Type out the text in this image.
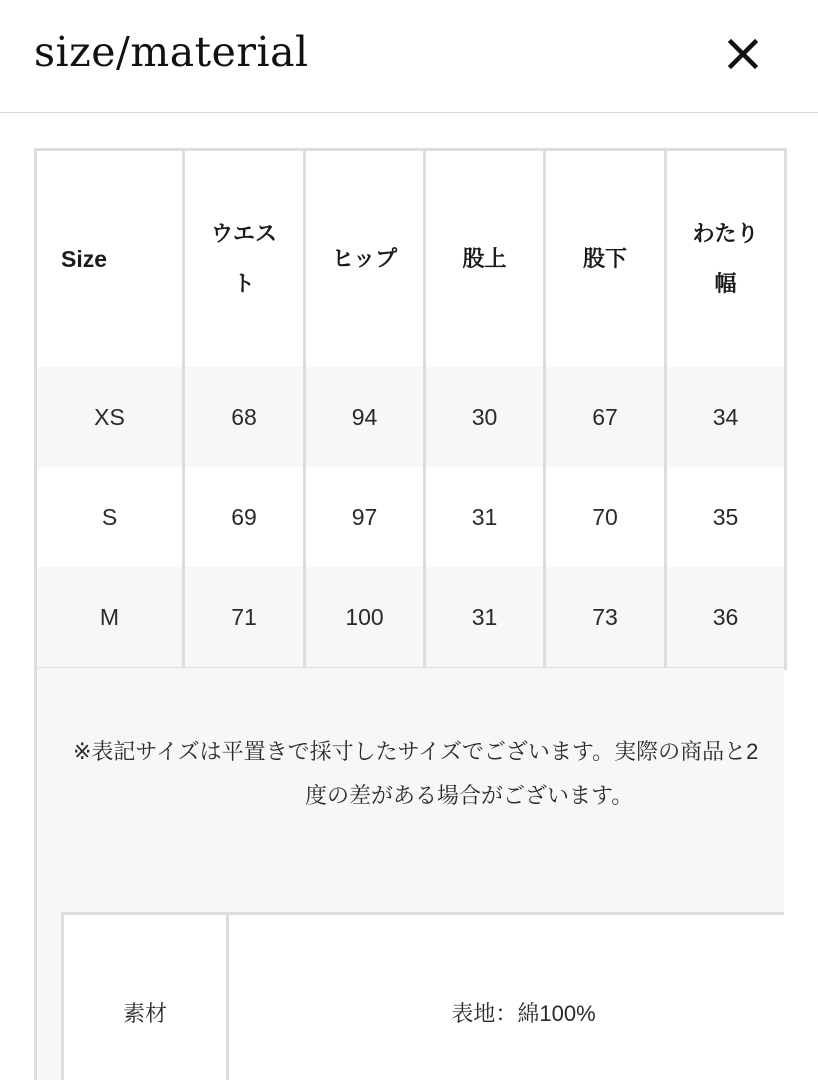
size/material
Size	ウエスト	ヒップ	股上	股下	わたり幅
XS	68	94	30	67	34
S	69	97	31	70	35
M	71	100	31	73	36
※表記サイズは平置きで採寸したサイズでございます。実際の商品と2
度の差がある場合がございます。
素材	表地：綿100%
